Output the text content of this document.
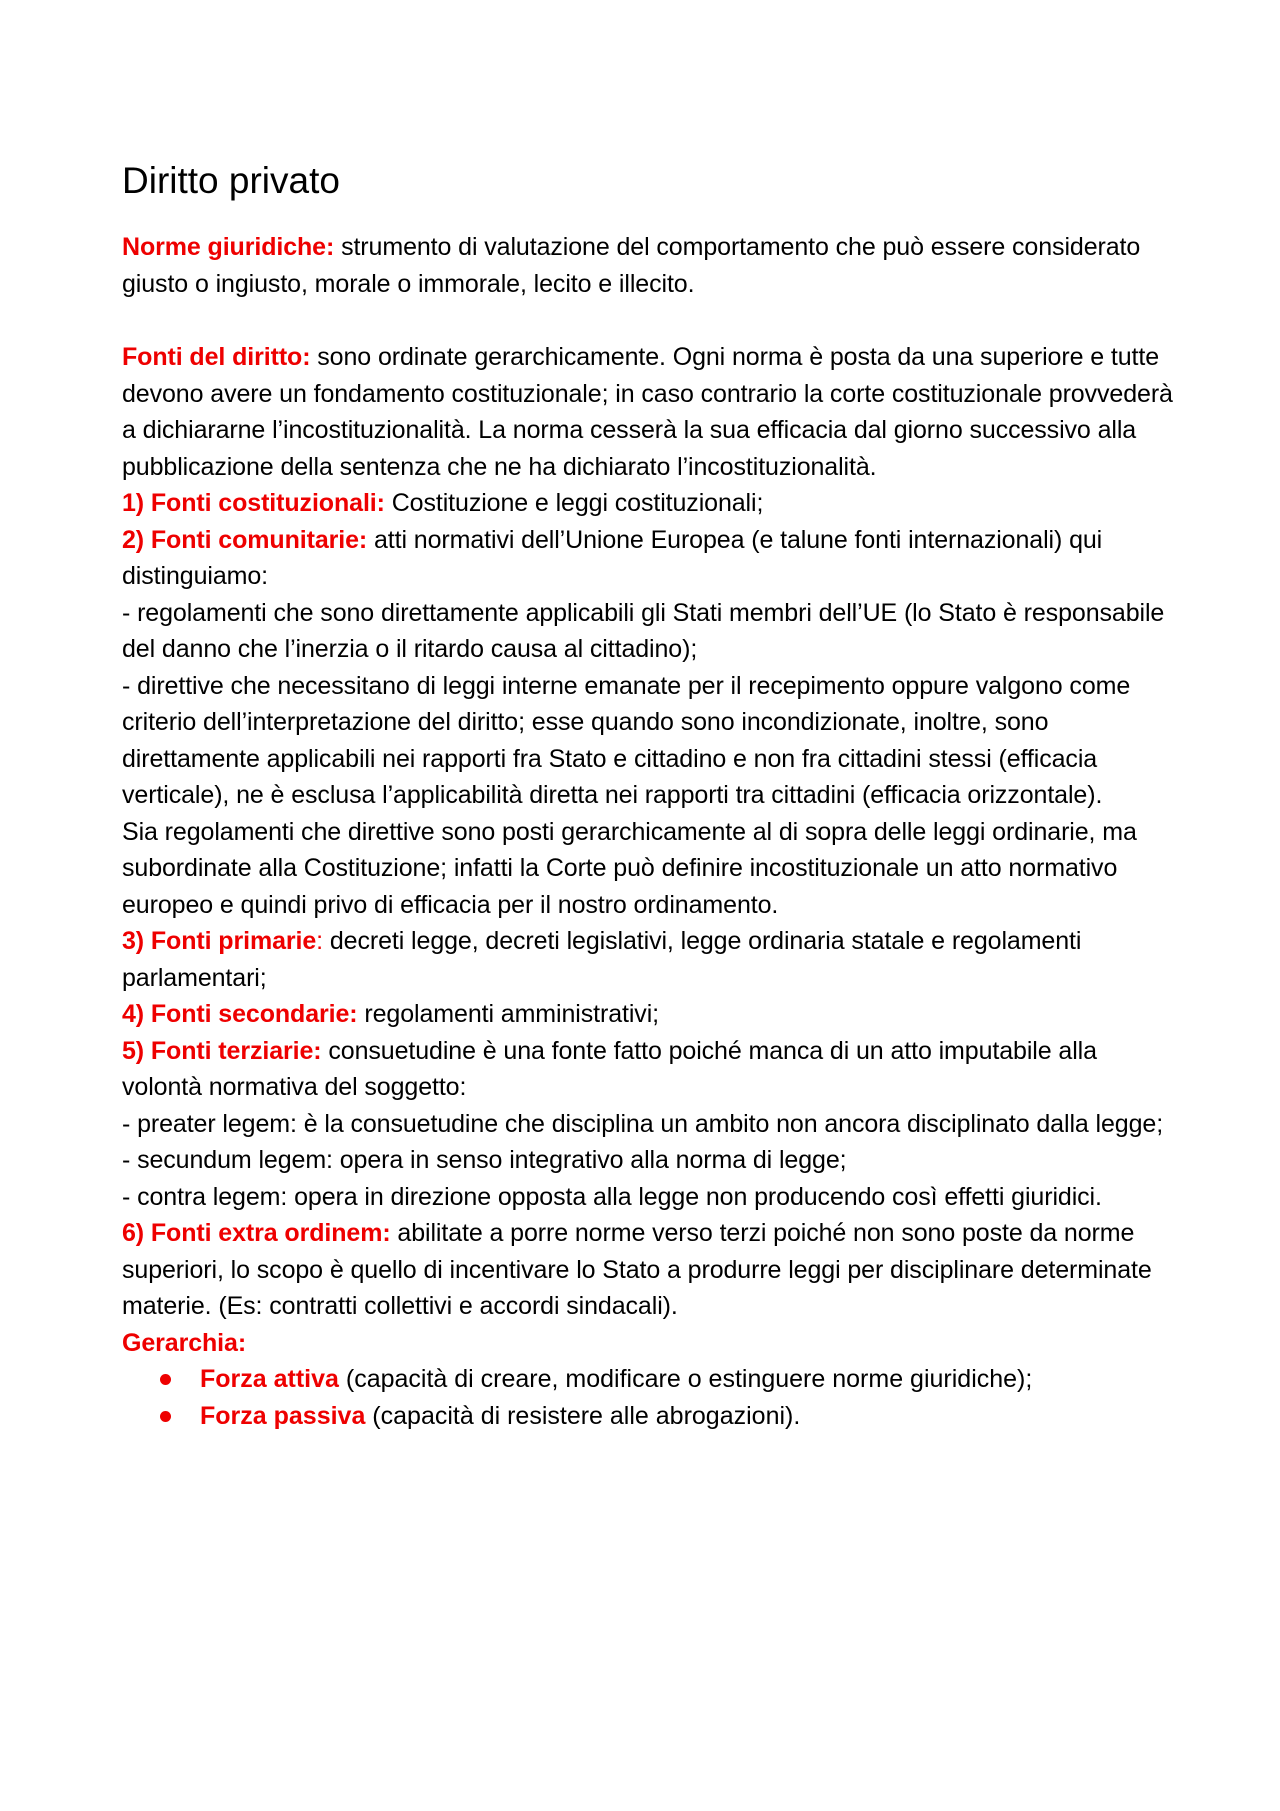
Diritto privato

Norme giuridiche: strumento di valutazione del comportamento che può essere considerato giusto o ingiusto, morale o immorale, lecito e illecito.

Fonti del diritto: sono ordinate gerarchicamente. Ogni norma è posta da una superiore e tutte devono avere un fondamento costituzionale; in caso contrario la corte costituzionale provvederà a dichiararne l’incostituzionalità. La norma cesserà la sua efficacia dal giorno successivo alla pubblicazione della sentenza che ne ha dichiarato l’incostituzionalità.

1) Fonti costituzionali: Costituzione e leggi costituzionali;

2) Fonti comunitarie: atti normativi dell’Unione Europea (e talune fonti internazionali) qui distinguiamo:

- regolamenti che sono direttamente applicabili gli Stati membri dell’UE (lo Stato è responsabile del danno che l’inerzia o il ritardo causa al cittadino);

- direttive che necessitano di leggi interne emanate per il recepimento oppure valgono come criterio dell’interpretazione del diritto; esse quando sono incondizionate, inoltre, sono direttamente applicabili nei rapporti fra Stato e cittadino e non fra cittadini stessi (efficacia verticale), ne è esclusa l’applicabilità diretta nei rapporti tra cittadini (efficacia orizzontale).

Sia regolamenti che direttive sono posti gerarchicamente al di sopra delle leggi ordinarie, ma subordinate alla Costituzione; infatti la Corte può definire incostituzionale un atto normativo europeo e quindi privo di efficacia per il nostro ordinamento.

3) Fonti primarie: decreti legge, decreti legislativi, legge ordinaria statale e regolamenti parlamentari;

4) Fonti secondarie: regolamenti amministrativi;

5) Fonti terziarie: consuetudine è una fonte fatto poiché manca di un atto imputabile alla volontà normativa del soggetto:

- preater legem: è la consuetudine che disciplina un ambito non ancora disciplinato dalla legge;

- secundum legem: opera in senso integrativo alla norma di legge;

- contra legem: opera in direzione opposta alla legge non producendo così effetti giuridici.

6) Fonti extra ordinem: abilitate a porre norme verso terzi poiché non sono poste da norme superiori, lo scopo è quello di incentivare lo Stato a produrre leggi per disciplinare determinate materie. (Es: contratti collettivi e accordi sindacali).

Gerarchia:

Forza attiva (capacità di creare, modificare o estinguere norme giuridiche);
Forza passiva (capacità di resistere alle abrogazioni).
